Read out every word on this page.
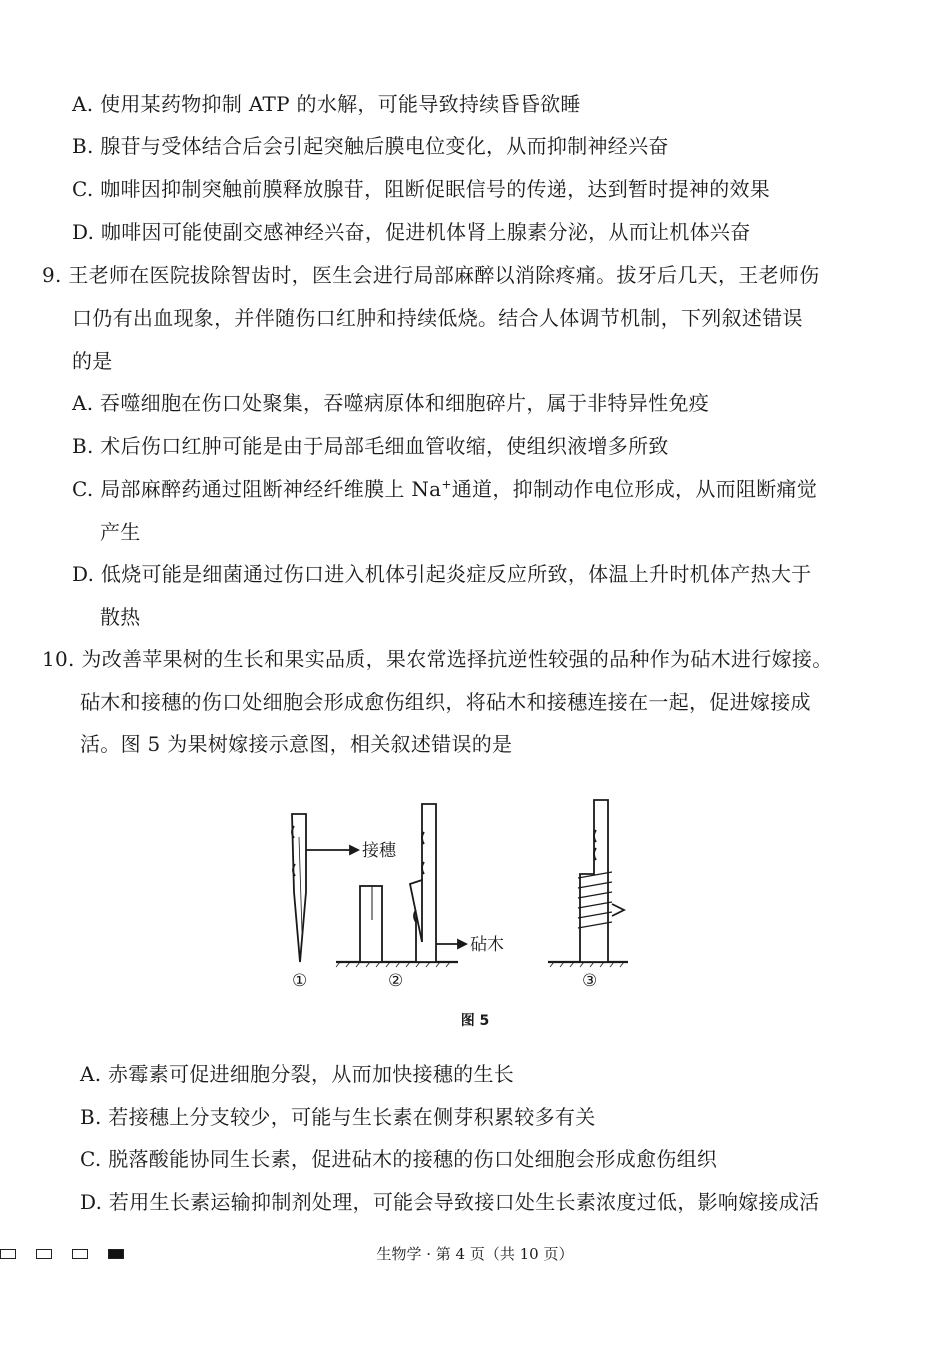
A. 使用某药物抑制 ATP 的水解，可能导致持续昏昏欲睡
B. 腺苷与受体结合后会引起突触后膜电位变化，从而抑制神经兴奋
C. 咖啡因抑制突触前膜释放腺苷，阻断促眠信号的传递，达到暂时提神的效果
D. 咖啡因可能使副交感神经兴奋，促进机体肾上腺素分泌，从而让机体兴奋
9. 王老师在医院拔除智齿时，医生会进行局部麻醉以消除疼痛。拔牙后几天，王老师伤
口仍有出血现象，并伴随伤口红肿和持续低烧。结合人体调节机制，下列叙述错误
的是
A. 吞噬细胞在伤口处聚集，吞噬病原体和细胞碎片，属于非特异性免疫
B. 术后伤口红肿可能是由于局部毛细血管收缩，使组织液增多所致
C. 局部麻醉药通过阻断神经纤维膜上 Na+通道，抑制动作电位形成，从而阻断痛觉
产生
D. 低烧可能是细菌通过伤口进入机体引起炎症反应所致，体温上升时机体产热大于
散热
10. 为改善苹果树的生长和果实品质，果农常选择抗逆性较强的品种作为砧木进行嫁接。
砧木和接穗的伤口处细胞会形成愈伤组织，将砧木和接穗连接在一起，促进嫁接成
活。图 5 为果树嫁接示意图，相关叙述错误的是
接穗
砧木
①	②	③
图 5
A. 赤霉素可促进细胞分裂，从而加快接穗的生长
B. 若接穗上分支较少，可能与生长素在侧芽积累较多有关
C. 脱落酸能协同生长素，促进砧木的接穗的伤口处细胞会形成愈伤组织
D. 若用生长素运输抑制剂处理，可能会导致接口处生长素浓度过低，影响嫁接成活
生物学 · 第 4 页（共 10 页）
